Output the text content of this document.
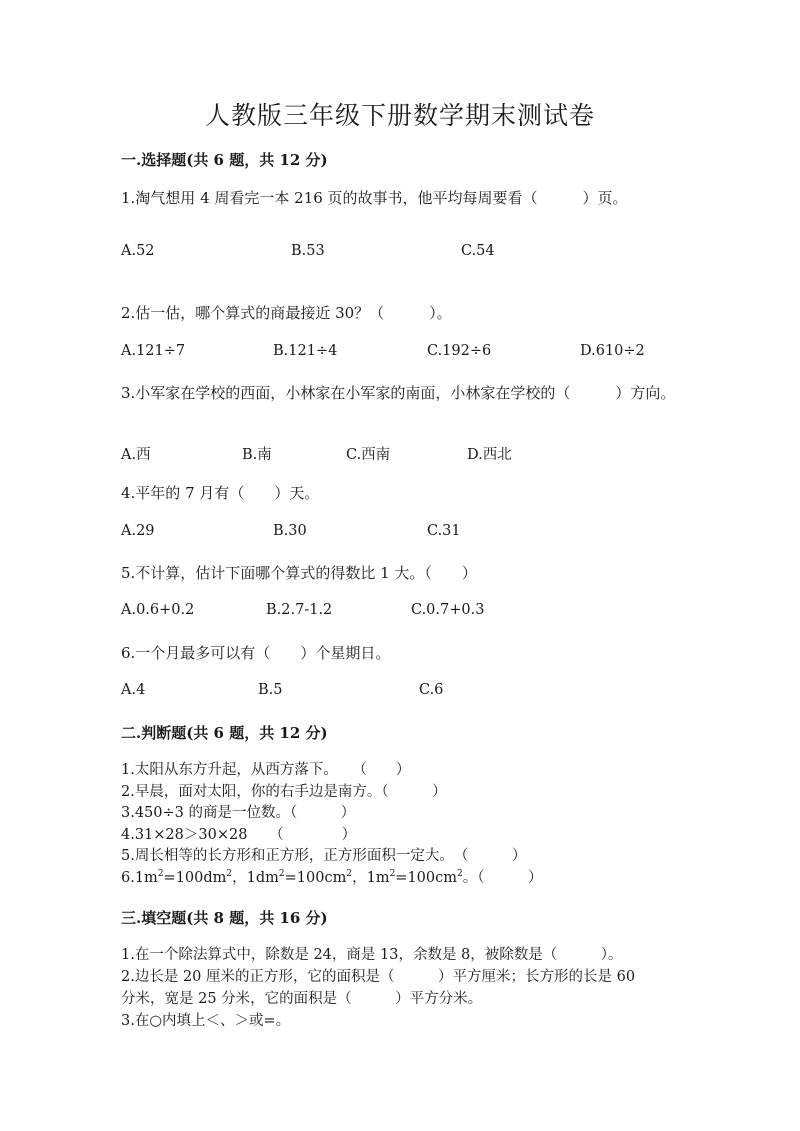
人教版三年级下册数学期末测试卷
一.选择题(共 6 题，共 12 分)
1.淘气想用 4 周看完一本 216 页的故事书，他平均每周要看（　　　）页。
A.52	B.53	C.54
2.估一估，哪个算式的商最接近 30？（　　　）。
A.121÷7	B.121÷4	C.192÷6	D.610÷2
3.小军家在学校的西面，小林家在小军家的南面，小林家在学校的（　　　）方向。
A.西	B.南	C.西南	D.西北
4.平年的 7 月有（　　）天。
A.29	B.30	C.31
5.不计算，估计下面哪个算式的得数比 1 大。（　　）
A.0.6+0.2	B.2.7-1.2	C.0.7+0.3
6.一个月最多可以有（　　）个星期日。
A.4	B.5	C.6
二.判断题(共 6 题，共 12 分)
1.太阳从东方升起，从西方落下。　　（　　）
2.早晨，面对太阳，你的右手边是南方。（　　　）
3.450÷3 的商是一位数。（　　　）
4.31×28＞30×28　　（　　　　）
5.周长相等的长方形和正方形，正方形面积一定大。　（　　　）
$6.1m^2=100dm^2$，$1dm^2=100cm^2$，$1m^2=100cm^2$。（　　　）
三.填空题(共 8 题，共 16 分)
1.在一个除法算式中，除数是 24，商是 13，余数是 8，被除数是（　　　）。
2.边长是 20 厘米的正方形，它的面积是（　　　）平方厘米；长方形的长是 60
分米，宽是 25 分米，它的面积是（　　　）平方分米。
3.在○内填上＜、＞或=。
